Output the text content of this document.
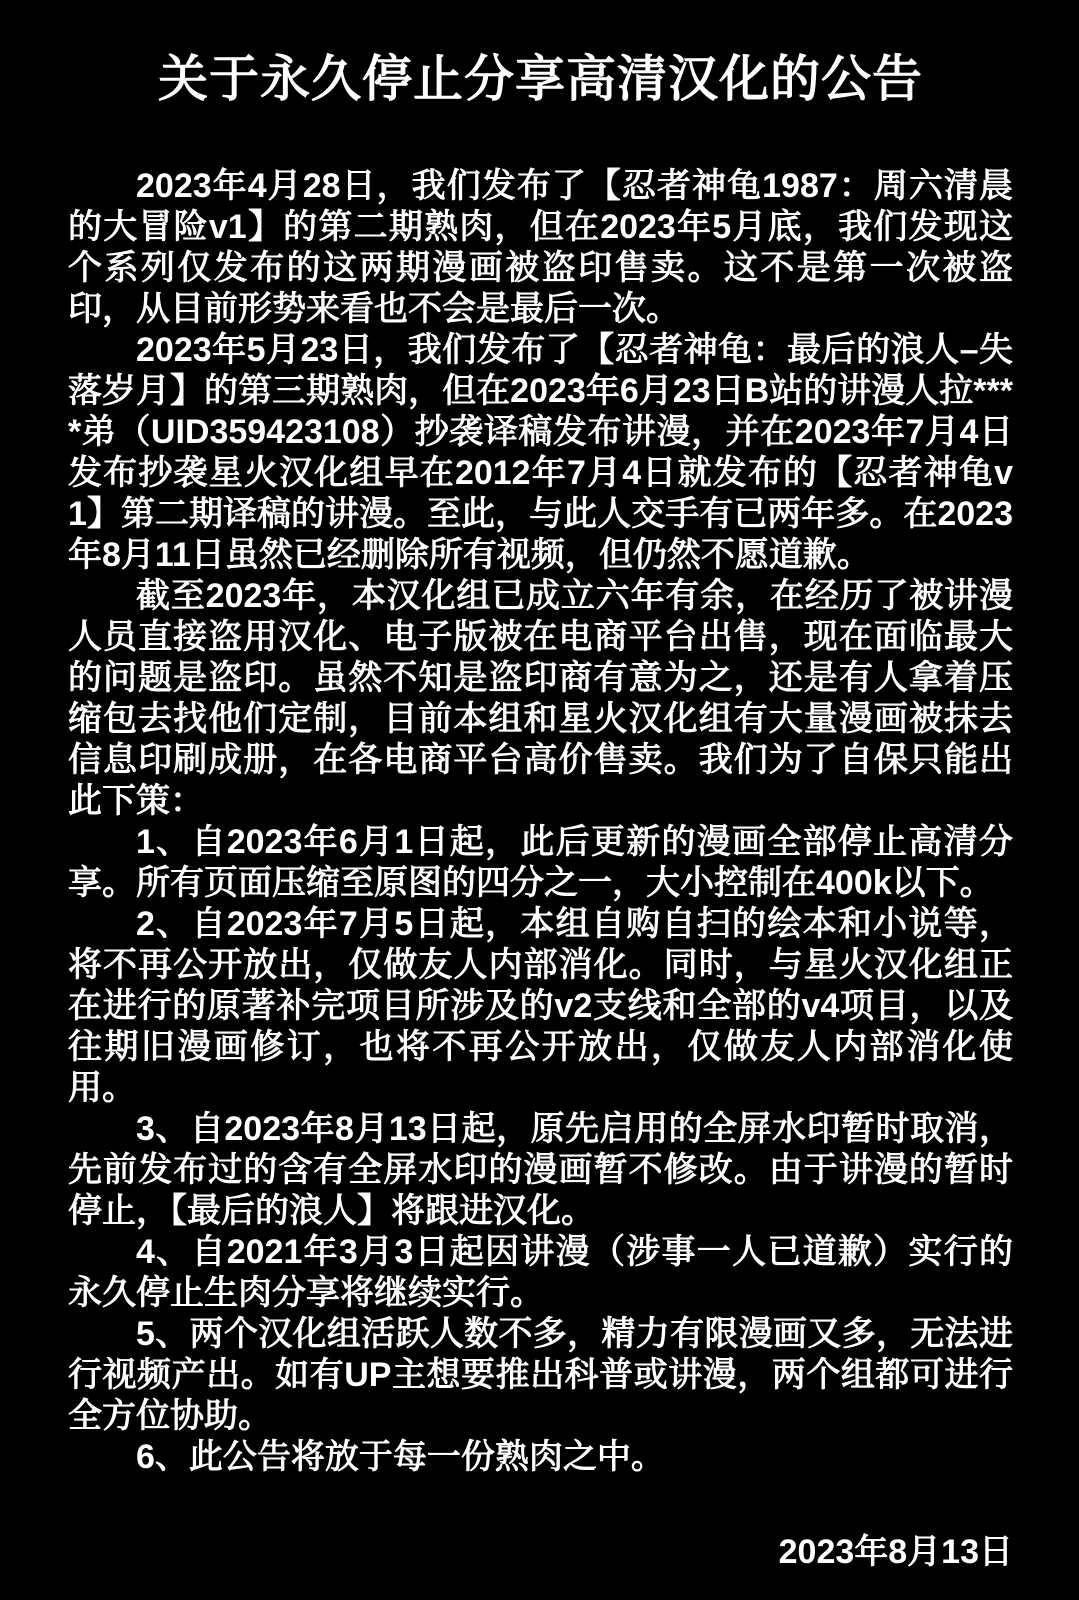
关于永久停止分享高清汉化的公告

2023年4月28日，我们发布了【忍者神龟1987：周六清晨的大冒险v1】的第二期熟肉，但在2023年5月底，我们发现这个系列仅发布的这两期漫画被盗印售卖。这不是第一次被盗印，从目前形势来看也不会是最后一次。

2023年5月23日，我们发布了【忍者神龟：最后的浪人–失落岁月】的第三期熟肉，但在2023年6月23日B站的讲漫人拉****弟（UID359423108）抄袭译稿发布讲漫，并在2023年7月4日发布抄袭星火汉化组早在2012年7月4日就发布的【忍者神龟v1】第二期译稿的讲漫。至此，与此人交手有已两年多。在2023年8月11日虽然已经删除所有视频，但仍然不愿道歉。

截至2023年，本汉化组已成立六年有余，在经历了被讲漫人员直接盗用汉化、电子版被在电商平台出售，现在面临最大的问题是盗印。虽然不知是盗印商有意为之，还是有人拿着压缩包去找他们定制，目前本组和星火汉化组有大量漫画被抹去信息印刷成册，在各电商平台高价售卖。我们为了自保只能出此下策：

1、自2023年6月1日起，此后更新的漫画全部停止高清分享。所有页面压缩至原图的四分之一，大小控制在400k以下。

2、自2023年7月5日起，本组自购自扫的绘本和小说等，将不再公开放出，仅做友人内部消化。同时，与星火汉化组正在进行的原著补完项目所涉及的v2支线和全部的v4项目，以及往期旧漫画修订，也将不再公开放出，仅做友人内部消化使用。

3、自2023年8月13日起，原先启用的全屏水印暂时取消，先前发布过的含有全屏水印的漫画暂不修改。由于讲漫的暂时停止，【最后的浪人】将跟进汉化。

4、自2021年3月3日起因讲漫（涉事一人已道歉）实行的永久停止生肉分享将继续实行。

5、两个汉化组活跃人数不多，精力有限漫画又多，无法进行视频产出。如有UP主想要推出科普或讲漫，两个组都可进行全方位协助。

6、此公告将放于每一份熟肉之中。

2023年8月13日
